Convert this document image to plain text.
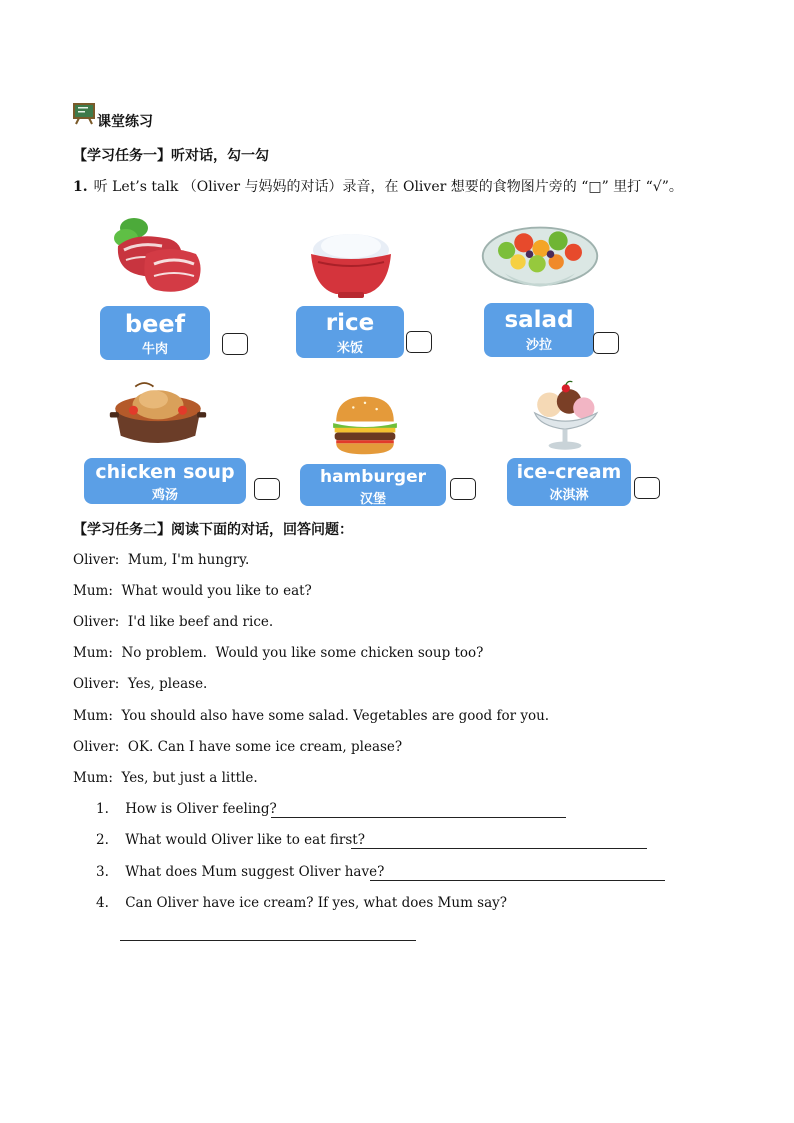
课堂练习
【学习任务一】听对话，勾一勾
1. 听 Let’s talk （Oliver 与妈妈的对话）录音，在 Oliver 想要的食物图片旁的 “□” 里打 “√”。
beef
牛肉
rice
米饭
salad
沙拉
chicken soup
鸡汤
hamburger
汉堡
ice-cream
冰淇淋
【学习任务二】阅读下面的对话，回答问题：
Oliver:  Mum, I'm hungry.
Mum:  What would you like to eat?
Oliver:  I'd like beef and rice.
Mum:  No problem.  Would you like some chicken soup too?
Oliver:  Yes, please.
Mum:  You should also have some salad. Vegetables are good for you.
Oliver:  OK. Can I have some ice cream, please?
Mum:  Yes, but just a little.
1. How is Oliver feeling?
2. What would Oliver like to eat first?
3. What does Mum suggest Oliver have?
4. Can Oliver have ice cream? If yes, what does Mum say?
